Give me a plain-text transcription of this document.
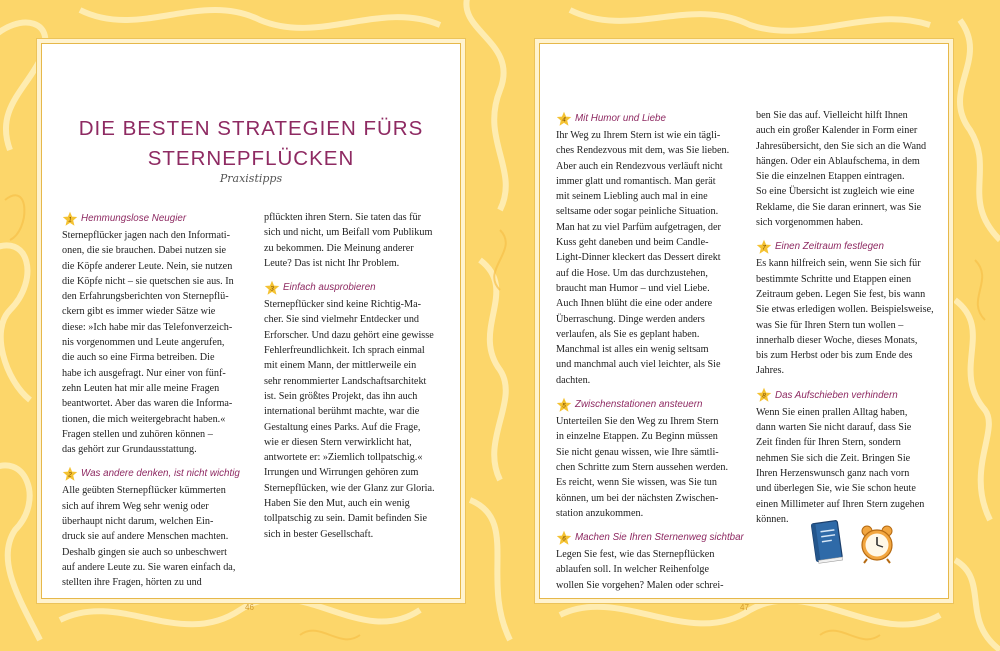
DIE BESTEN STRATEGIEN FÜRS
STERNEPFLÜCKEN
Praxistipps
1 Hemmungslose Neugier
Sternepflücker jagen nach den Informati-
onen, die sie brauchen. Dabei nutzen sie
die Köpfe anderer Leute. Nein, sie nutzen
die Köpfe nicht – sie quetschen sie aus. In
den Erfahrungsberichten von Sternepflü-
ckern gibt es immer wieder Sätze wie
diese: »Ich habe mir das Telefonverzeich-
nis vorgenommen und Leute angerufen,
die auch so eine Firma betreiben. Die
habe ich ausgefragt. Nur einer von fünf-
zehn Leuten hat mir alle meine Fragen
beantwortet. Aber das waren die Informa-
tionen, die mich weitergebracht haben.«
Fragen stellen und zuhören können –
das gehört zur Grundausstattung.
2 Was andere denken, ist nicht wichtig
Alle geübten Sternepflücker kümmerten
sich auf ihrem Weg sehr wenig oder
überhaupt nicht darum, welchen Ein-
druck sie auf andere Menschen machten.
Deshalb gingen sie auch so unbeschwert
auf andere Leute zu. Sie waren einfach da,
stellten ihre Fragen, hörten zu und
pflückten ihren Stern. Sie taten das für
sich und nicht, um Beifall vom Publikum
zu bekommen. Die Meinung anderer
Leute? Das ist nicht Ihr Problem.
3 Einfach ausprobieren
Sternepflücker sind keine Richtig-Ma-
cher. Sie sind vielmehr Entdecker und
Erforscher. Und dazu gehört eine gewisse
Fehlerfreundlichkeit. Ich sprach einmal
mit einem Mann, der mittlerweile ein
sehr renommierter Landschaftsarchitekt
ist. Sein größtes Projekt, das ihn auch
international berühmt machte, war die
Gestaltung eines Parks. Auf die Frage,
wie er diesen Stern verwirklicht hat,
antwortete er: »Ziemlich tollpatschig.«
Irrungen und Wirrungen gehören zum
Sternepflücken, wie der Glanz zur Gloria.
Haben Sie den Mut, auch ein wenig
tollpatschig zu sein. Damit befinden Sie
sich in bester Gesellschaft.
4 Mit Humor und Liebe
Ihr Weg zu Ihrem Stern ist wie ein tägli-
ches Rendezvous mit dem, was Sie lieben.
Aber auch ein Rendezvous verläuft nicht
immer glatt und romantisch. Man gerät
mit seinem Liebling auch mal in eine
seltsame oder sogar peinliche Situation.
Man hat zu viel Parfüm aufgetragen, der
Kuss geht daneben und beim Candle-
Light-Dinner kleckert das Dessert direkt
auf die Hose. Um das durchzustehen,
braucht man Humor – und viel Liebe.
Auch Ihnen blüht die eine oder andere
Überraschung. Dinge werden anders
verlaufen, als Sie es geplant haben.
Manchmal ist alles ein wenig seltsam
und manchmal auch viel leichter, als Sie
dachten.
5 Zwischenstationen ansteuern
Unterteilen Sie den Weg zu Ihrem Stern
in einzelne Etappen. Zu Beginn müssen
Sie nicht genau wissen, wie Ihre sämtli-
chen Schritte zum Stern aussehen werden.
Es reicht, wenn Sie wissen, was Sie tun
können, um bei der nächsten Zwischen-
station anzukommen.
6 Machen Sie Ihren Sternenweg sichtbar
Legen Sie fest, wie das Sternepflücken
ablaufen soll. In welcher Reihenfolge
wollen Sie vorgehen? Malen oder schrei-
ben Sie das auf. Vielleicht hilft Ihnen
auch ein großer Kalender in Form einer
Jahresübersicht, den Sie sich an die Wand
hängen. Oder ein Ablaufschema, in dem
Sie die einzelnen Etappen eintragen.
So eine Übersicht ist zugleich wie eine
Reklame, die Sie daran erinnert, was Sie
sich vorgenommen haben.
7 Einen Zeitraum festlegen
Es kann hilfreich sein, wenn Sie sich für
bestimmte Schritte und Etappen einen
Zeitraum geben. Legen Sie fest, bis wann
Sie etwas erledigen wollen. Beispielsweise,
was Sie für Ihren Stern tun wollen –
innerhalb dieser Woche, dieses Monats,
bis zum Herbst oder bis zum Ende des
Jahres.
8 Das Aufschieben verhindern
Wenn Sie einen prallen Alltag haben,
dann warten Sie nicht darauf, dass Sie
Zeit finden für Ihren Stern, sondern
nehmen Sie sich die Zeit. Bringen Sie
Ihren Herzenswunsch ganz nach vorn
und überlegen Sie, wie Sie schon heute
einen Millimeter auf Ihren Stern zugehen
können.
46	47
